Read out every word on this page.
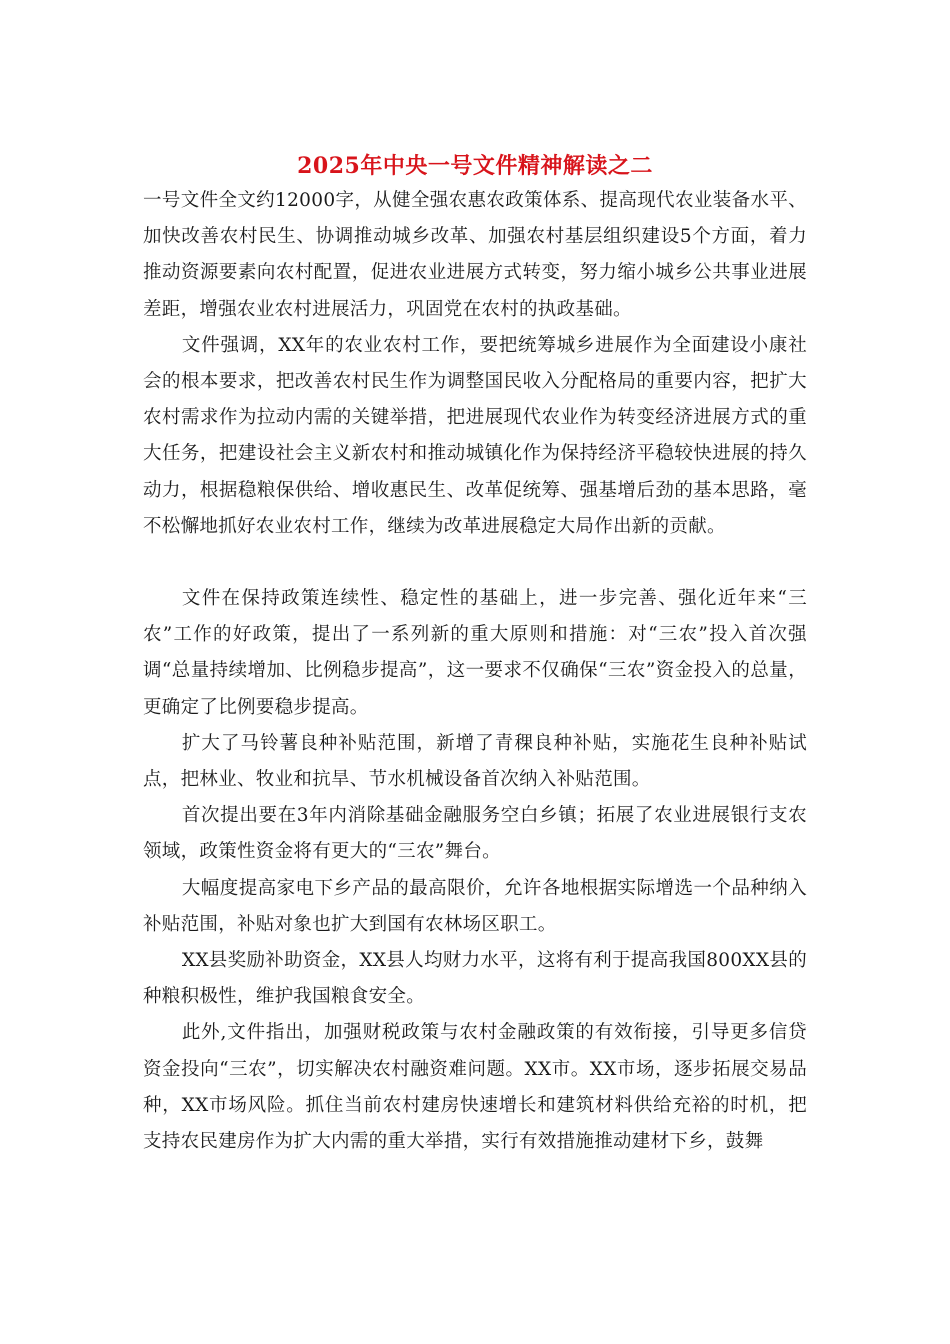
2025年中央一号文件精神解读之二

一号文件全文约12000字，从健全强农惠农政策体系、提高现代农业装备水平、加快改善农村民生、协调推动城乡改革、加强农村基层组织建设5个方面，着力推动资源要素向农村配置，促进农业进展方式转变，努力缩小城乡公共事业进展差距，增强农业农村进展活力，巩固党在农村的执政基础。

文件强调，XX年的农业农村工作，要把统筹城乡进展作为全面建设小康社会的根本要求，把改善农村民生作为调整国民收入分配格局的重要内容，把扩大农村需求作为拉动内需的关键举措，把进展现代农业作为转变经济进展方式的重大任务，把建设社会主义新农村和推动城镇化作为保持经济平稳较快进展的持久动力，根据稳粮保供给、增收惠民生、改革促统筹、强基增后劲的基本思路，毫不松懈地抓好农业农村工作，继续为改革进展稳定大局作出新的贡献。

文件在保持政策连续性、稳定性的基础上，进一步完善、强化近年来“三农”工作的好政策，提出了一系列新的重大原则和措施：对“三农”投入首次强调“总量持续增加、比例稳步提高”，这一要求不仅确保“三农”资金投入的总量，更确定了比例要稳步提高。

扩大了马铃薯良种补贴范围，新增了青稞良种补贴，实施花生良种补贴试点，把林业、牧业和抗旱、节水机械设备首次纳入补贴范围。

首次提出要在3年内消除基础金融服务空白乡镇；拓展了农业进展银行支农领域，政策性资金将有更大的“三农”舞台。

大幅度提高家电下乡产品的最高限价，允许各地根据实际增选一个品种纳入补贴范围，补贴对象也扩大到国有农林场区职工。

XX县奖励补助资金，XX县人均财力水平，这将有利于提高我国800XX县的种粮积极性，维护我国粮食安全。

此外,文件指出，加强财税政策与农村金融政策的有效衔接，引导更多信贷资金投向“三农”，切实解决农村融资难问题。XX市。XX市场，逐步拓展交易品种，XX市场风险。抓住当前农村建房快速增长和建筑材料供给充裕的时机，把支持农民建房作为扩大内需的重大举措，实行有效措施推动建材下乡，鼓舞
